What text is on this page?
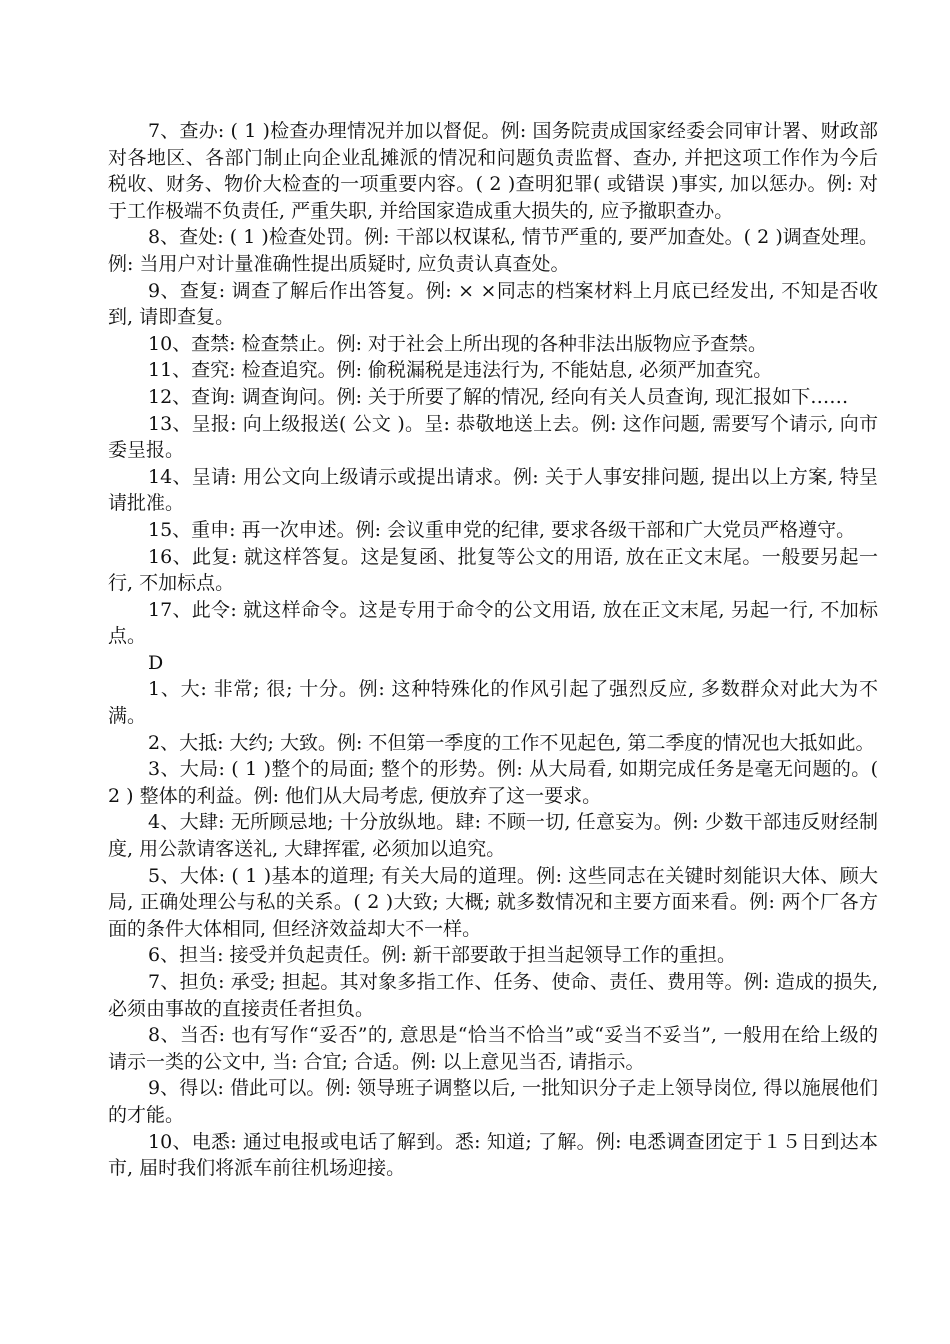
7、查办: ( 1 )检查办理情况并加以督促。例: 国务院责成国家经委会同审计署、财政部对各地区、各部门制止向企业乱摊派的情况和问题负责监督、查办, 并把这项工作作为今后税收、财务、物价大检查的一项重要内容。( 2 )查明犯罪( 或错误 )事实, 加以惩办。例: 对于工作极端不负责任, 严重失职, 并给国家造成重大损失的, 应予撤职查办。

8、查处: ( 1 )检查处罚。例: 干部以权谋私, 情节严重的, 要严加查处。( 2 )调查处理。例: 当用户对计量准确性提出质疑时, 应负责认真查处。

9、查复: 调查了解后作出答复。例: × ×同志的档案材料上月底已经发出, 不知是否收到, 请即查复。

10、查禁: 检查禁止。例: 对于社会上所出现的各种非法出版物应予查禁。

11、查究: 检查追究。例: 偷税漏税是违法行为, 不能姑息, 必须严加查究。

12、查询: 调查询问。例: 关于所要了解的情况, 经向有关人员查询, 现汇报如下……

13、呈报: 向上级报送( 公文 )。呈: 恭敬地送上去。例: 这作问题, 需要写个请示, 向市委呈报。

14、呈请: 用公文向上级请示或提出请求。例: 关于人事安排问题, 提出以上方案, 特呈请批准。

15、重申: 再一次申述。例: 会议重申党的纪律, 要求各级干部和广大党员严格遵守。

16、此复: 就这样答复。这是复函、批复等公文的用语, 放在正文末尾。一般要另起一行, 不加标点。

17、此令: 就这样命令。这是专用于命令的公文用语, 放在正文末尾, 另起一行, 不加标点。

D

1、大: 非常; 很; 十分。例: 这种特殊化的作风引起了强烈反应, 多数群众对此大为不满。

2、大抵: 大约; 大致。例: 不但第一季度的工作不见起色, 第二季度的情况也大抵如此。

3、大局: ( 1 )整个的局面; 整个的形势。例: 从大局看, 如期完成任务是毫无问题的。( 2 ) 整体的利益。例: 他们从大局考虑, 便放弃了这一要求。

4、大肆: 无所顾忌地; 十分放纵地。肆: 不顾一切, 任意妄为。例: 少数干部违反财经制度, 用公款请客送礼, 大肆挥霍, 必须加以追究。

5、大体: ( 1 )基本的道理; 有关大局的道理。例: 这些同志在关键时刻能识大体、顾大局, 正确处理公与私的关系。( 2 )大致; 大概; 就多数情况和主要方面来看。例: 两个厂各方面的条件大体相同, 但经济效益却大不一样。

6、担当: 接受并负起责任。例: 新干部要敢于担当起领导工作的重担。

7、担负: 承受; 担起。其对象多指工作、任务、使命、责任、费用等。例: 造成的损失, 必须由事故的直接责任者担负。

8、当否: 也有写作“妥否”的, 意思是“恰当不恰当”或“妥当不妥当”, 一般用在给上级的请示一类的公文中, 当: 合宜; 合适。例: 以上意见当否, 请指示。

9、得以: 借此可以。例: 领导班子调整以后, 一批知识分子走上领导岗位, 得以施展他们的才能。

10、电悉: 通过电报或电话了解到。悉: 知道; 了解。例: 电悉调查团定于１５日到达本市, 届时我们将派车前往机场迎接。
